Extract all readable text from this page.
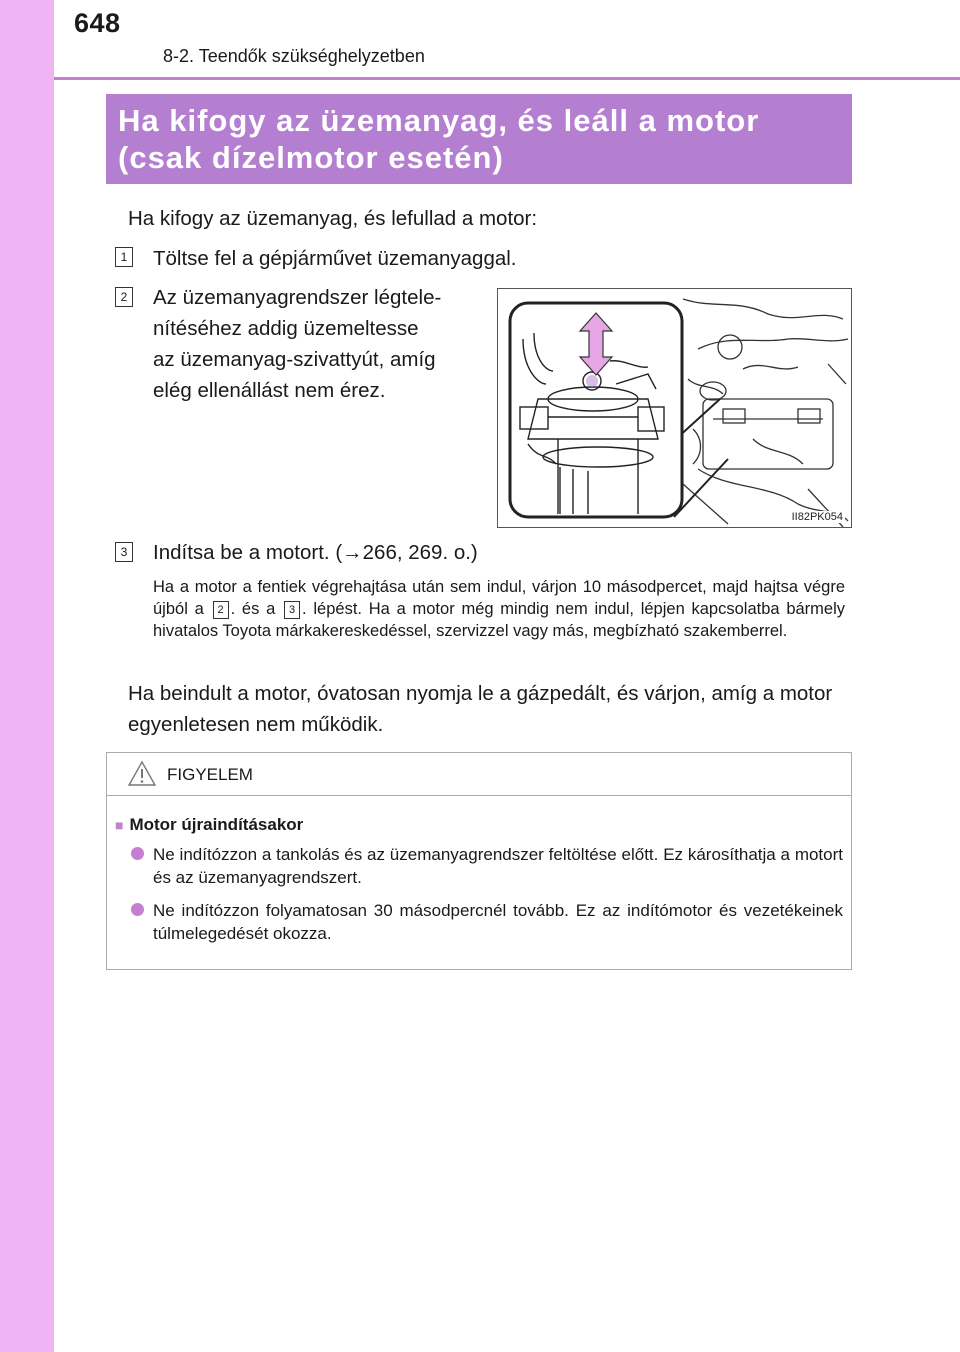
648
8-2. Teendők szükséghelyzetben
Ha kifogy az üzemanyag, és leáll a motor
(csak dízelmotor esetén)
Ha kifogy az üzemanyag, és lefullad a motor:
1 Töltse fel a gépjárművet üzemanyaggal.
2 Az üzemanyagrendszer légtele-
nítéséhez addig üzemeltesse
az üzemanyag-szivattyút, amíg
elég ellenállást nem érez.
II82PK054
3 Indítsa be a motort. (→266, 269. o.)
Ha a motor a fentiek végrehajtása után sem indul, várjon 10 másodpercet, majd hajtsa végre újból a 2 . és a 3 . lépést. Ha a motor még mindig nem indul, lépjen kapcsolatba bármely hivatalos Toyota márkakereskedéssel, szervizzel vagy más, megbízható szakemberrel.
Ha beindult a motor, óvatosan nyomja le a gázpedált, és várjon, amíg a motor egyenletesen nem működik.
FIGYELEM
■ Motor újraindításakor
Ne indítózzon a tankolás és az üzemanyagrendszer feltöltése előtt. Ez károsíthatja a motort és az üzemanyagrendszert.
Ne indítózzon folyamatosan 30 másodpercnél tovább. Ez az indítómotor és vezetékeinek túlmelegedését okozza.
